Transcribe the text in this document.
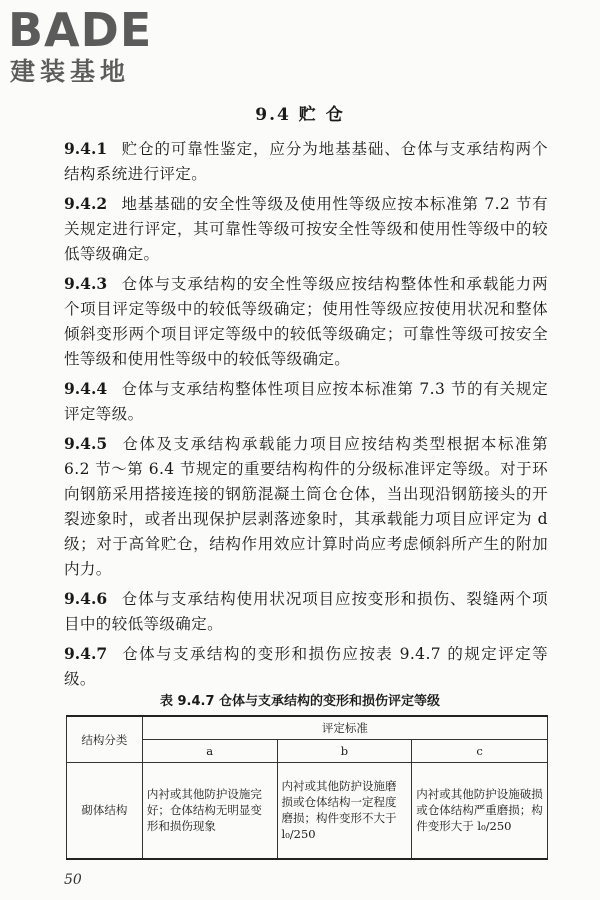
BADE
建装基地
9.4 贮 仓

9.4.1 贮仓的可靠性鉴定，应分为地基基础、仓体与支承结构两个结构系统进行评定。

9.4.2 地基基础的安全性等级及使用性等级应按本标准第 7.2 节有关规定进行评定，其可靠性等级可按安全性等级和使用性等级中的较低等级确定。

9.4.3 仓体与支承结构的安全性等级应按结构整体性和承载能力两个项目评定等级中的较低等级确定；使用性等级应按使用状况和整体倾斜变形两个项目评定等级中的较低等级确定；可靠性等级可按安全性等级和使用性等级中的较低等级确定。

9.4.4 仓体与支承结构整体性项目应按本标准第 7.3 节的有关规定评定等级。

9.4.5 仓体及支承结构承载能力项目应按结构类型根据本标准第 6.2 节～第 6.4 节规定的重要结构构件的分级标准评定等级。对于环向钢筋采用搭接连接的钢筋混凝土筒仓仓体，当出现沿钢筋接头的开裂迹象时，或者出现保护层剥落迹象时，其承载能力项目应评定为 d 级；对于高耸贮仓，结构作用效应计算时尚应考虑倾斜所产生的附加内力。

9.4.6 仓体与支承结构使用状况项目应按变形和损伤、裂缝两个项目中的较低等级确定。

9.4.7 仓体与支承结构的变形和损伤应按表 9.4.7 的规定评定等级。

表 9.4.7 仓体与支承结构的变形和损伤评定等级
结构分类	评定标准		
	a	b	c
砌体结构	内衬或其他防护设施完好；仓体结构无明显变形和损伤现象	内衬或其他防护设施磨损或仓体结构一定程度磨损；构件变形不大于 l₀/250	内衬或其他防护设施破损或仓体结构严重磨损；构件变形大于 l₀/250
50
